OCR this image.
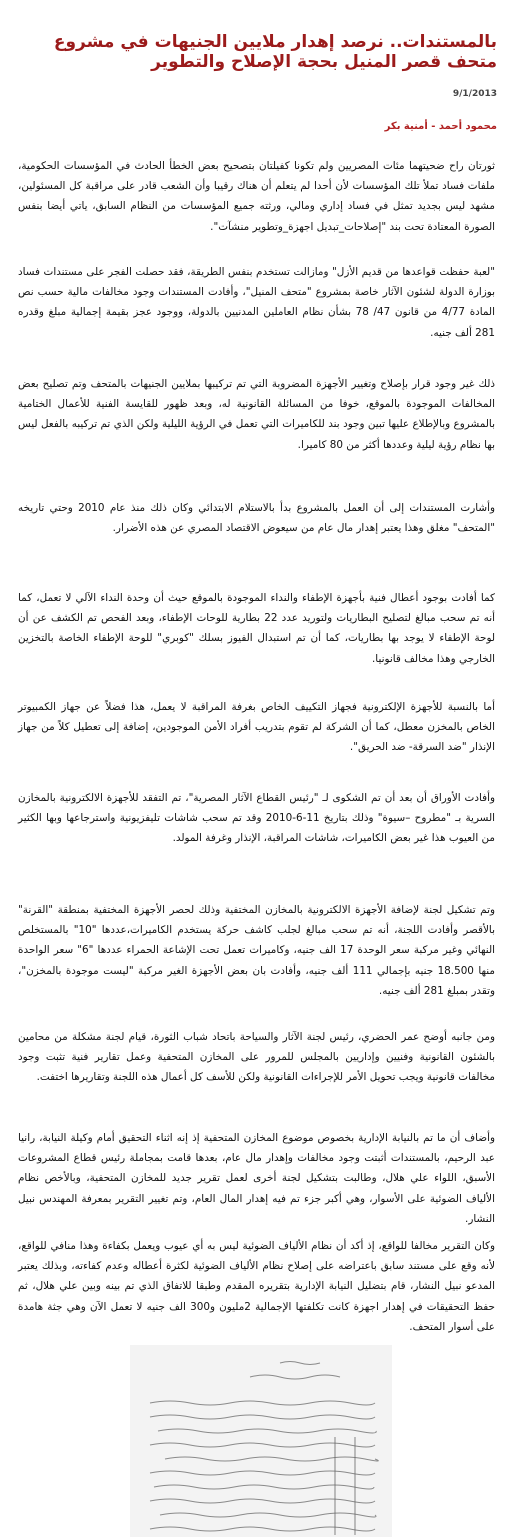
بالمستندات.. نرصد إهدار ملايين الجنيهات في مشروع متحف قصر المنيل بحجة الإصلاح والتطوير
9/1/2013
محمود أحمد - أمنية بكر

ثورتان راح ضحيتهما مئات المصريين ولم تكونا كفيلتان بتصحيح بعض الخطأ الحادث في المؤسسات الحكومية، ملفات فساد تملأ تلك المؤسسات لأن أحدا لم يتعلم أن هناك رقيبا وأن الشعب قادر على مراقبة كل المسئولين، مشهد ليس بجديد تمثل في فساد إداري ومالي، ورثته جميع المؤسسات من النظام السابق، ياتي أيضا بنفس الصورة المعتادة تحت بند "إصلاحات_تبديل اجهزة_وتطوير منشآت".

"لعبة حفظت قواعدها من قديم الأزل" ومازالت تستخدم بنفس الطريقة، فقد حصلت الفجر على مستندات فساد بوزارة الدولة لشئون الآثار خاصة بمشروع "متحف المنيل"، وأفادت المستندات وجود مخالفات مالية حسب نص المادة 4/77 من قانون 47/ 78 بشأن نظام العاملين المدنيين بالدولة، ووجود عجز بقيمة إجمالية مبلغ وقدره 281 ألف جنيه.

ذلك غير وجود قرار بإصلاح وتغيير الأجهزة المضروبة التي تم تركيبها بملايين الجنيهات بالمتحف وتم تصليح بعض المخالفات الموجودة بالموقع، خوفا من المسائلة القانونية له، وبعد ظهور للقايسة الفنية للأعمال الختامية بالمشروع وبالإطلاع عليها تبين وجود بند للكاميرات التي تعمل في الرؤية الليلية ولكن الذي تم تركيبه بالفعل ليس بها نظام رؤية ليلية وعددها أكثر من 80 كاميرا.

وأشارت المستندات إلى أن العمل بالمشروع بدأ بالاستلام الابتدائي وكان ذلك منذ عام 2010 وحتي تاريخه "المتحف" مغلق وهذا يعتبر إهدار مال عام من سيعوض الاقتصاد المصري عن هذه الأضرار.

كما أفادت بوجود أعطال فنية بأجهزة الإطفاء والنداء الموجودة بالموقع حيث أن وحدة النداء الآلي لا تعمل، كما أنه تم سحب مبالغ لتصليح البطاريات ولتوريد عدد 22 بطارية للوحات الإطفاء، وبعد الفحص تم الكشف عن أن لوحة الإطفاء لا يوجد بها بطاريات، كما أن تم استبدال الفيوز بسلك "كوبري" للوحة الإطفاء الخاصة بالتخزين الخارجي وهذا مخالف قانونيا.

أما بالنسبة للأجهزة الإلكترونية فجهاز التكييف الخاص بغرفة المراقبة لا يعمل، هذا فضلاً عن جهاز الكمبيوتر الخاص بالمخزن معطل، كما أن الشركة لم تقوم بتدريب أفراد الأمن الموجودين، إضافة إلى تعطيل كلاً من جهاز الإنذار "ضد السرقة- ضد الحريق".

وأفادت الأوراق أن بعد أن تم الشكوى لـ "رئيس القطاع الآثار المصرية"، تم التفقد للأجهزة الالكترونية بالمخازن السرية بـ "مطروح –سيوة" وذلك بتاريخ 11-6-2010 وقد تم سحب شاشات تليفزيونية واسترجاعها وبها الكثير من العيوب هذا غير بعض الكاميرات، شاشات المراقبة، الإنذار وغرفة المولد.

وتم تشكيل لجنة لإضافة الأجهزة الالكترونية بالمخازن المختفية وذلك لحصر الأجهزة المختفية بمنطقة "القرنة" بالأقصر وأفادت اللجنة، أنه تم سحب مبالغ لجلب كاشف حركة يستخدم الكاميرات،عددها "10" بالمستخلص النهائي وغير مركبة سعر الوحدة 17 الف جنيه، وكاميرات تعمل تحت الإشاعة الحمراء عددها "6" سعر الواحدة منها 18.500 جنيه بإجمالي 111 ألف جنيه، وأفادت بان بعض الأجهزة الغير مركبة "ليست موجودة بالمخزن"، وتقدر بمبلغ 281 ألف جنيه.

ومن جانبه أوضح عمر الحضري، رئيس لجنة الآثار والسياحة باتحاد شباب الثورة، قيام لجنة مشكلة من محامين بالشئون القانونية وفنيين وإداريين بالمجلس للمرور على المخازن المتحفية وعمل تقارير فنية تثبت وجود مخالفات قانونية ويجب تحويل الأمر للإجراءات القانونية ولكن للأسف كل أعمال هذه اللجنة وتقاريرها اختفت.

وأضاف أن ما تم بالنيابة الإدارية بخصوص موضوع المخازن المتحفية إذ إنه اثناء التحقيق أمام وكيلة النيابة، رانيا عبد الرحيم، بالمستندات أثبتت وجود مخالفات وإهدار مال عام، بعدها قامت بمجاملة رئيس قطاع المشروعات الأسبق، اللواء علي هلال، وطالبت بتشكيل لجنة أخرى لعمل تقرير جديد للمخازن المتحفية، وبالأخص نظام الألياف الضوئية على الأسوار، وهي أكبر جزء تم فيه إهدار المال العام، وتم تغيير التقرير بمعرفة المهندس نبيل النشار.

وكان التقرير مخالفا للواقع، إذ أكد أن نظام الألياف الضوئية ليس به أي عيوب ويعمل بكفاءة وهذا منافي للواقع، لأنه وقع على مستند سابق باعتراضه على إصلاح نظام الألياف الضوئية لكثرة أعطاله وعدم كفاءته، وبذلك يعتبر المدعو نبيل النشار، قام بتضليل النيابة الإدارية بتقريره المقدم وطبقا للاتفاق الذي تم بينه وبين علي هلال، ثم حفظ التحقيقات في إهدار اجهزة كانت تكلفتها الإجمالية 2مليون و300 الف جنيه لا تعمل الآن وهي جثة هامدة على أسوار المتحف.
